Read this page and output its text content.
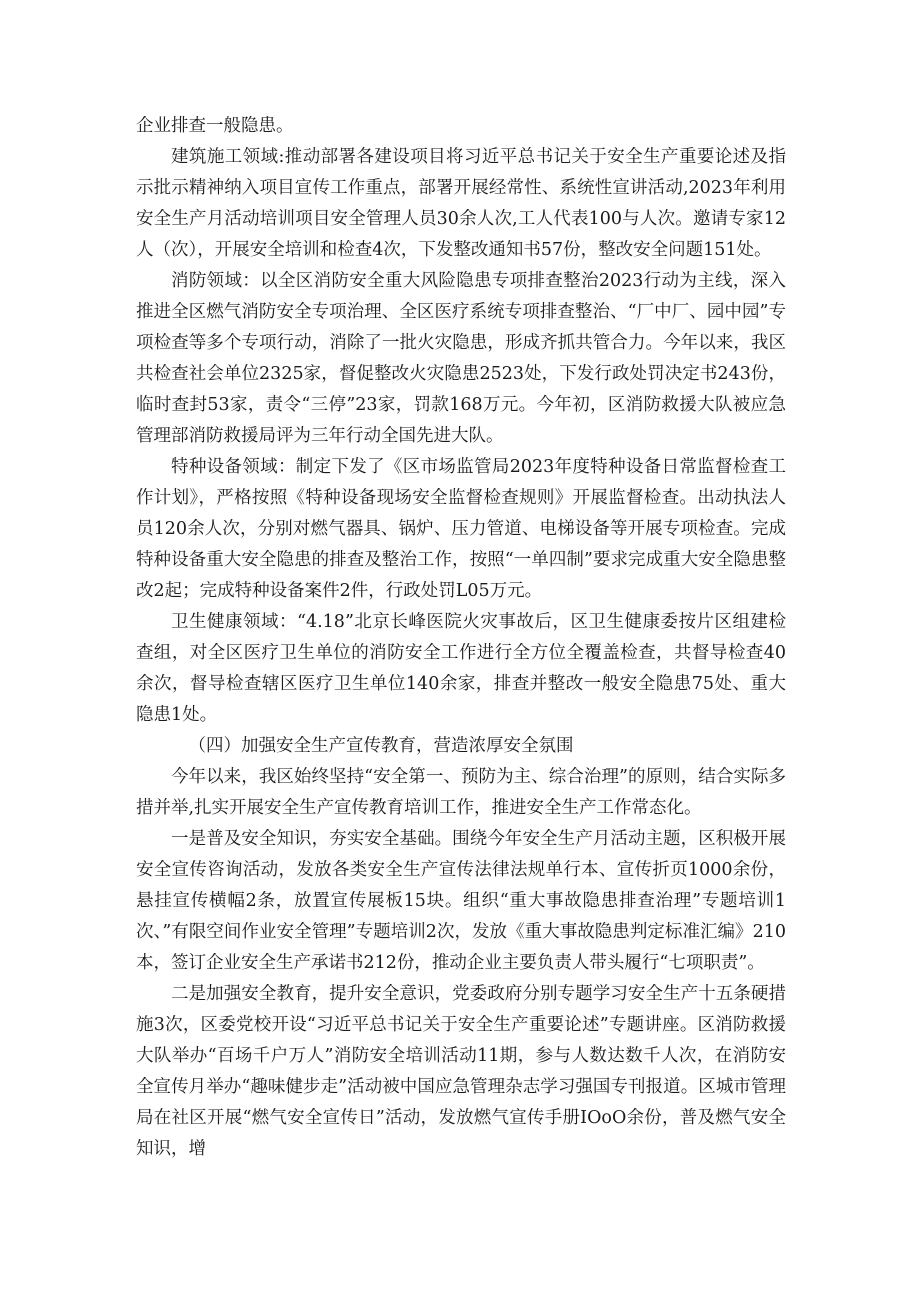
企业排查一般隐患。

建筑施工领域:推动部署各建设项目将习近平总书记关于安全生产重要论述及指示批示精神纳入项目宣传工作重点，部署开展经常性、系统性宣讲活动,2023年利用安全生产月活动培训项目安全管理人员30余人次,工人代表100与人次。邀请专家12人（次），开展安全培训和检查4次，下发整改通知书57份，整改安全问题151处。

消防领域：以全区消防安全重大风险隐患专项排查整治2023行动为主线，深入推进全区燃气消防安全专项治理、全区医疗系统专项排查整治、“厂中厂、园中园”专项检查等多个专项行动，消除了一批火灾隐患，形成齐抓共管合力。今年以来，我区共检查社会单位2325家，督促整改火灾隐患2523处，下发行政处罚决定书243份，临时查封53家，责令“三停”23家，罚款168万元。今年初，区消防救援大队被应急管理部消防救援局评为三年行动全国先进大队。

特种设备领域：制定下发了《区市场监管局2023年度特种设备日常监督检查工作计划》，严格按照《特种设备现场安全监督检查规则》开展监督检查。出动执法人员120余人次，分别对燃气器具、锅炉、压力管道、电梯设备等开展专项检查。完成特种设备重大安全隐患的排查及整治工作，按照“一单四制”要求完成重大安全隐患整改2起；完成特种设备案件2件，行政处罚L05万元。

卫生健康领域：“4.18”北京长峰医院火灾事故后，区卫生健康委按片区组建检查组，对全区医疗卫生单位的消防安全工作进行全方位全覆盖检查，共督导检查40余次，督导检查辖区医疗卫生单位140余家，排查并整改一般安全隐患75处、重大隐患1处。

（四）加强安全生产宣传教育，营造浓厚安全氛围

今年以来，我区始终坚持“安全第一、预防为主、综合治理”的原则，结合实际多措并举,扎实开展安全生产宣传教育培训工作，推进安全生产工作常态化。

一是普及安全知识，夯实安全基础。围绕今年安全生产月活动主题，区积极开展安全宣传咨询活动，发放各类安全生产宣传法律法规单行本、宣传折页1000余份，悬挂宣传横幅2条，放置宣传展板15块。组织“重大事故隐患排查治理”专题培训1次、”有限空间作业安全管理”专题培训2次，发放《重大事故隐患判定标准汇编》210本，签订企业安全生产承诺书212份，推动企业主要负责人带头履行“七项职责”。

二是加强安全教育，提升安全意识，党委政府分别专题学习安全生产十五条硬措施3次，区委党校开设“习近平总书记关于安全生产重要论述”专题讲座。区消防救援大队举办“百场千户万人”消防安全培训活动11期，参与人数达数千人次，在消防安全宣传月举办“趣味健步走”活动被中国应急管理杂志学习强国专刊报道。区城市管理局在社区开展“燃气安全宣传日”活动，发放燃气宣传手册IOoO余份，普及燃气安全知识，增
